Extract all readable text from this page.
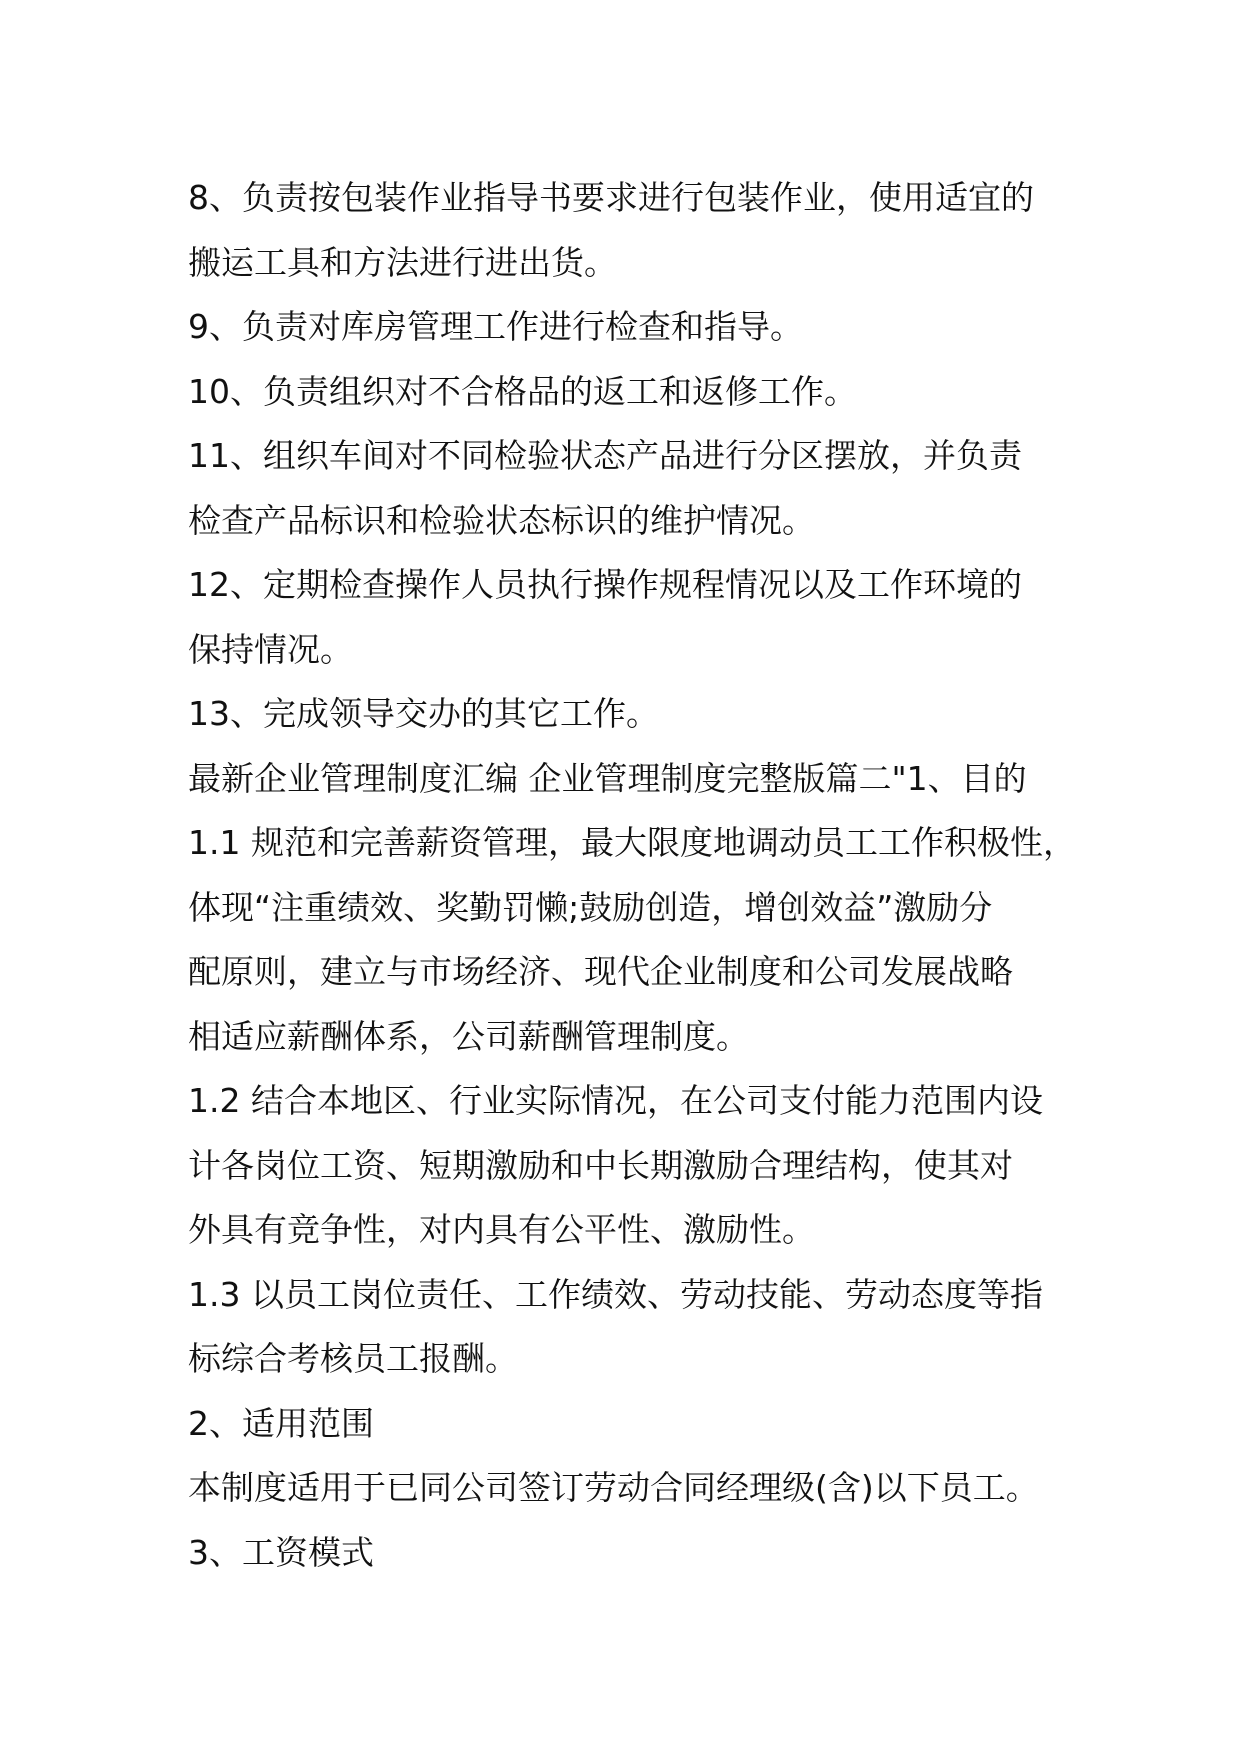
8、负责按包装作业指导书要求进行包装作业，使用适宜的
搬运工具和方法进行进出货。
9、负责对库房管理工作进行检查和指导。
10、负责组织对不合格品的返工和返修工作。
11、组织车间对不同检验状态产品进行分区摆放，并负责
检查产品标识和检验状态标识的维护情况。
12、定期检查操作人员执行操作规程情况以及工作环境的
保持情况。
13、完成领导交办的其它工作。
最新企业管理制度汇编 企业管理制度完整版篇二"1、目的
1.1 规范和完善薪资管理，最大限度地调动员工工作积极性，
体现“注重绩效、奖勤罚懒;鼓励创造，增创效益”激励分
配原则，建立与市场经济、现代企业制度和公司发展战略
相适应薪酬体系，公司薪酬管理制度。
1.2 结合本地区、行业实际情况，在公司支付能力范围内设
计各岗位工资、短期激励和中长期激励合理结构，使其对
外具有竞争性，对内具有公平性、激励性。
1.3 以员工岗位责任、工作绩效、劳动技能、劳动态度等指
标综合考核员工报酬。
2、适用范围
本制度适用于已同公司签订劳动合同经理级(含)以下员工。
3、工资模式
